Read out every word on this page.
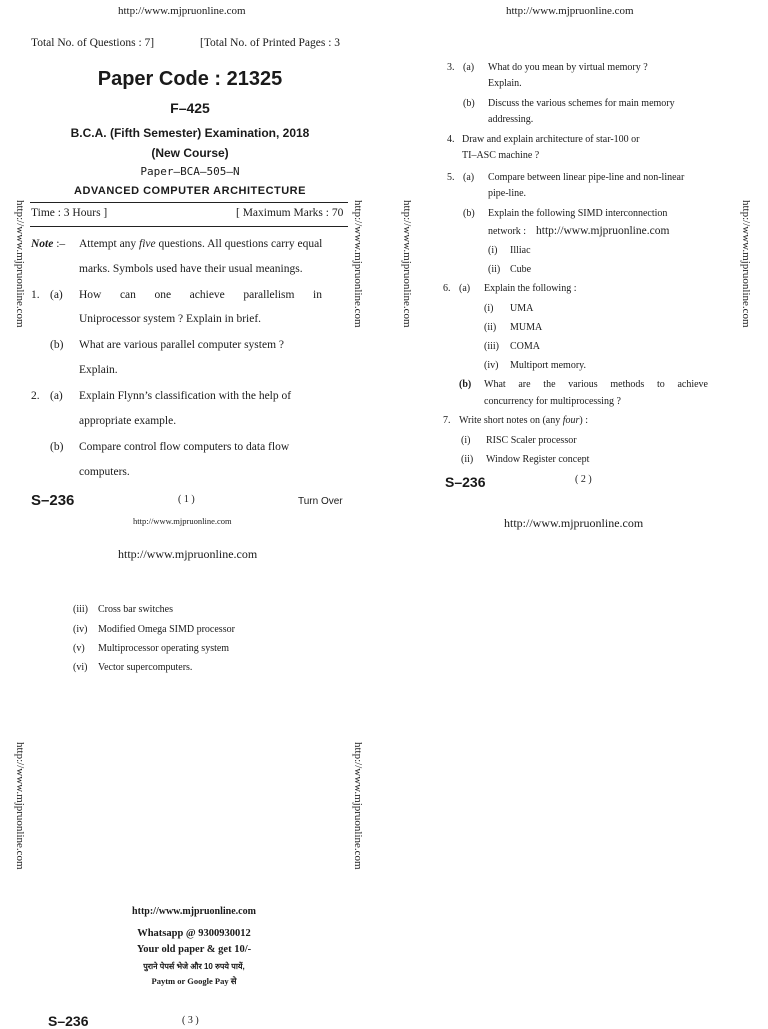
http://www.mjpruonline.com	http://www.mjpruonline.com
http://www.mjpruonline.com	http://www.mjpruonline.com	http://www.mjpruonline.com	http://www.mjpruonline.com
http://www.mjpruonline.com	http://www.mjpruonline.com
Total No. of Questions : 7]	[Total No. of Printed Pages : 3
Paper Code : 21325
F–425
B.C.A. (Fifth Semester) Examination, 2018
(New Course)
Paper–BCA–505–N
ADVANCED COMPUTER ARCHITECTURE
Time : 3 Hours ]	[ Maximum Marks : 70
Note :–	Attempt any five questions. All questions carry equal
marks. Symbols used have their usual meanings.
1. (a) How can one achieve parallelism in
Uniprocessor system ? Explain in brief.
(b) What are various parallel computer system ?
Explain.
2. (a) Explain Flynn’s classification with the help of
appropriate example.
(b) Compare control flow computers to data flow
computers.
S–236	( 1 )	Turn Over
http://www.mjpruonline.com
3. (a) What do you mean by virtual memory ?
Explain.
(b) Discuss the various schemes for main memory
addressing.
4. Draw and explain architecture of star-100 or
TI–ASC machine ?
5. (a) Compare between linear pipe-line and non-linear
pipe-line.
(b) Explain the following SIMD interconnection
network : http://www.mjpruonline.com
(i) Illiac
(ii) Cube
6. (a) Explain the following :
(i) UMA
(ii) MUMA
(iii) COMA
(iv) Multiport memory.
(b) What are the various methods to achieve
concurrency for multiprocessing ?
7. Write short notes on (any four) :
(i) RISC Scaler processor
(ii) Window Register concept
S–236	( 2 )
http://www.mjpruonline.com
http://www.mjpruonline.com
(iii) Cross bar switches
(iv) Modified Omega SIMD processor
(v) Multiprocessor operating system
(vi) Vector supercomputers.
http://www.mjpruonline.com
Whatsapp @ 9300930012
Your old paper & get 10/-
पुराने पेपर्स भेजे और 10 रुपये पायें,
Paytm or Google Pay से
S–236	( 3 )
